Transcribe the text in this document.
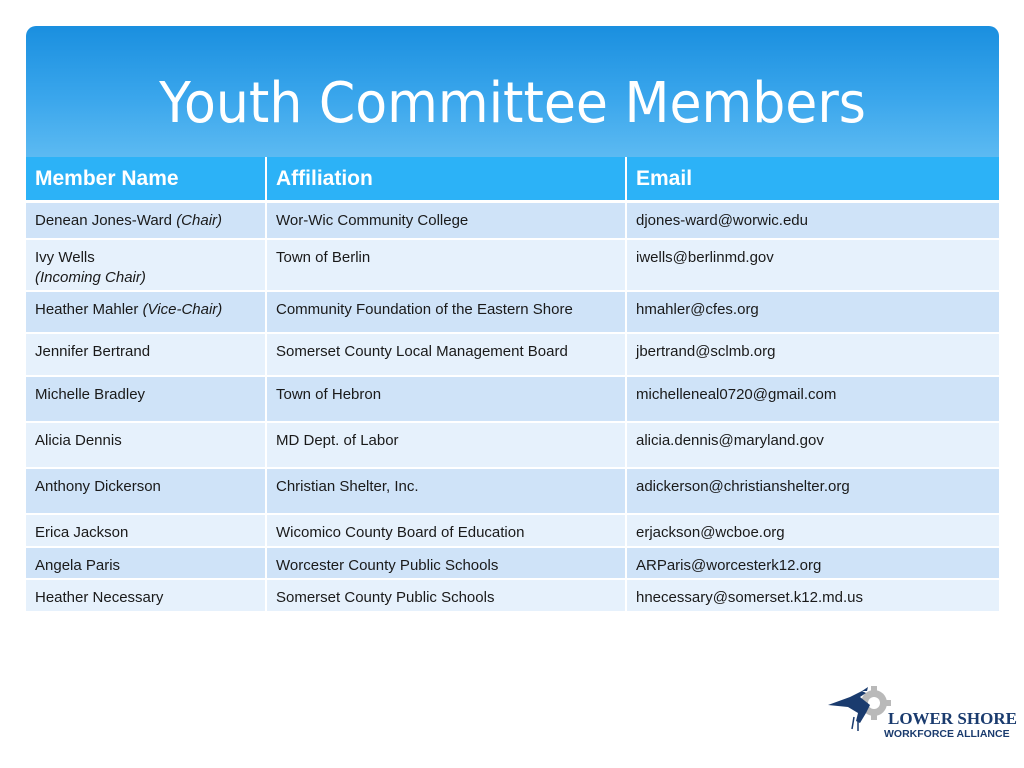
Youth Committee Members
Member Name	Affiliation	Email
Denean Jones-Ward (Chair)	Wor-Wic Community College	djones-ward@worwic.edu
Ivy Wells
(Incoming Chair)	Town of Berlin	iwells@berlinmd.gov
Heather Mahler (Vice-Chair)	Community Foundation of the Eastern Shore	hmahler@cfes.org
Jennifer Bertrand	Somerset County Local Management Board	jbertrand@sclmb.org
Michelle Bradley	Town of Hebron	michelleneal0720@gmail.com
Alicia Dennis	MD Dept. of Labor	alicia.dennis@maryland.gov
Anthony Dickerson	Christian Shelter, Inc.	adickerson@christianshelter.org
Erica Jackson	Wicomico County Board of Education	erjackson@wcboe.org
Angela Paris	Worcester County Public Schools	ARParis@worcesterk12.org
Heather Necessary	Somerset County Public Schools	hnecessary@somerset.k12.md.us
LOWER SHORE
WORKFORCE ALLIANCE
